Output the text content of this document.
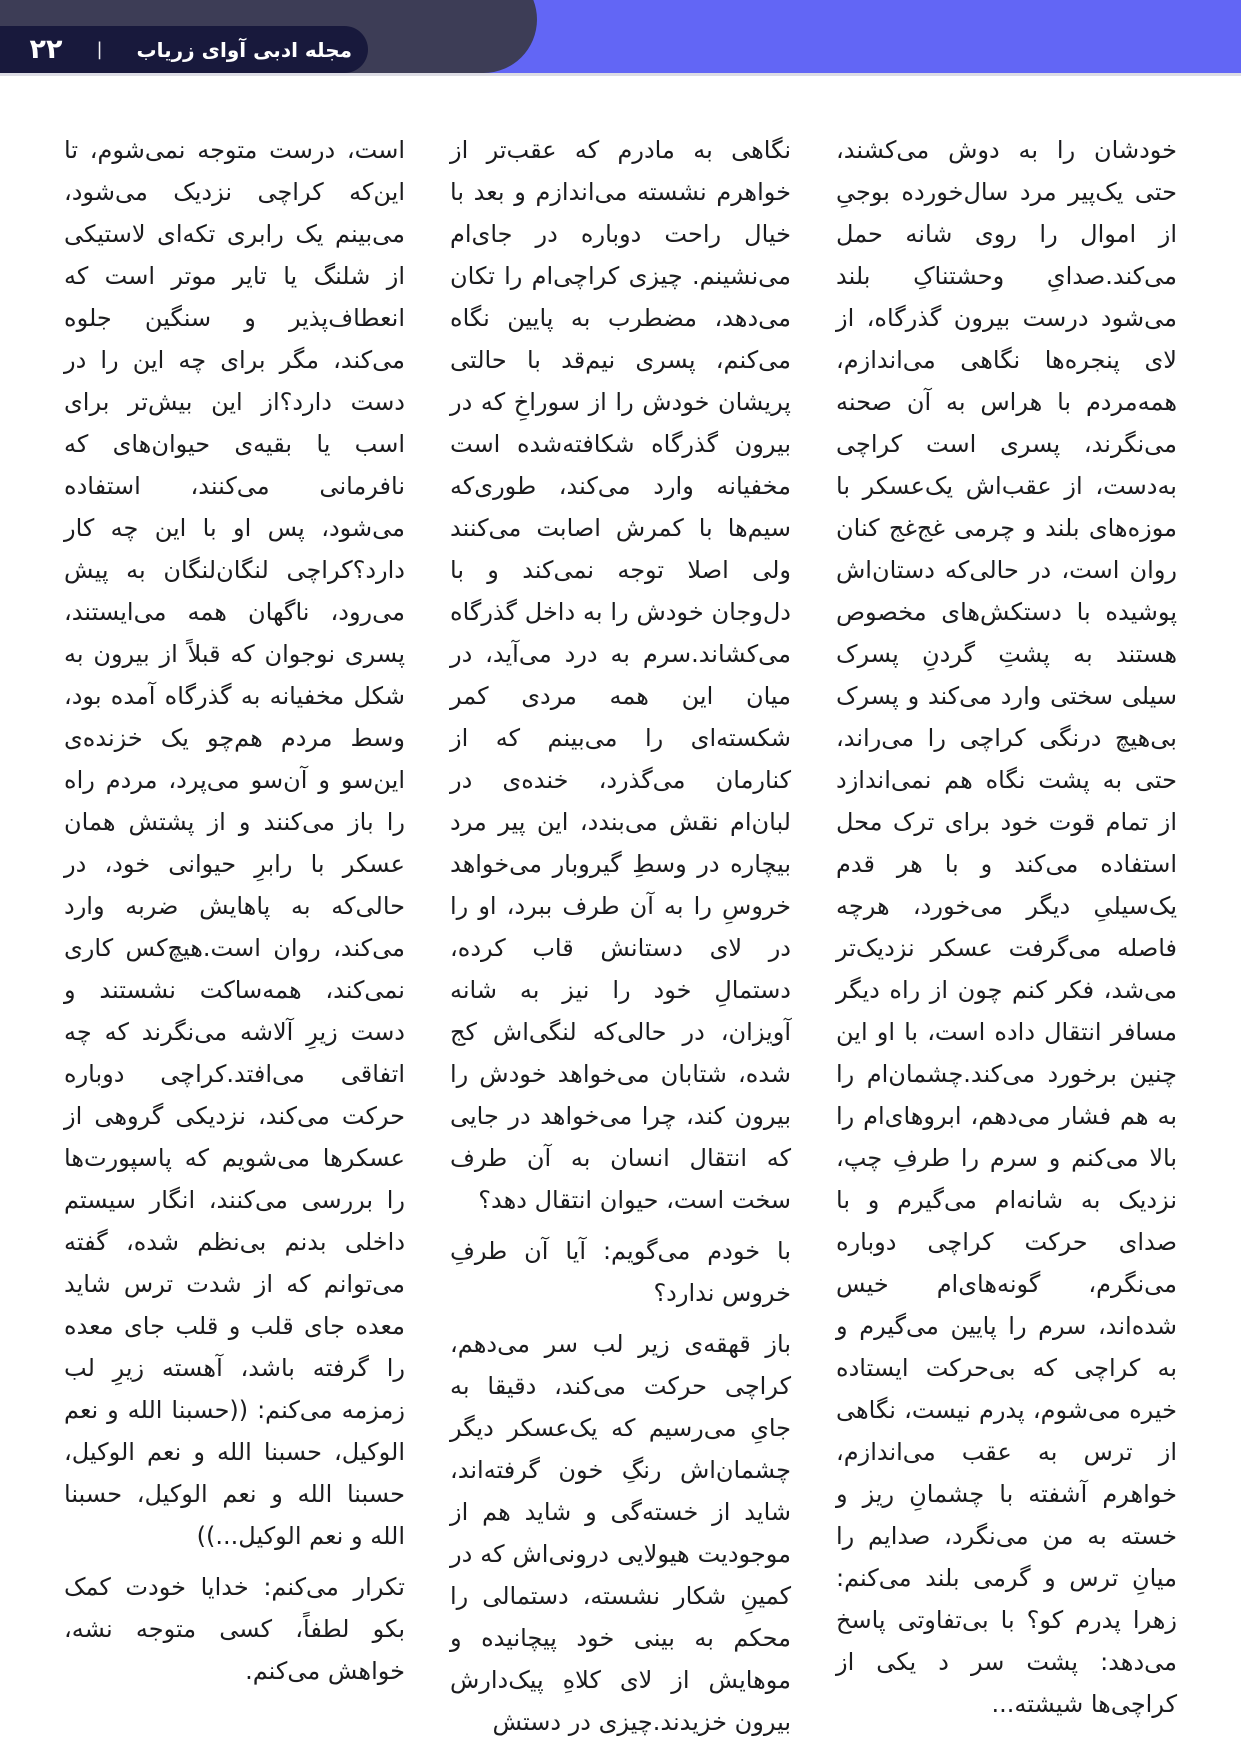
مجله ادبی آوای زریاب
|
۲۲

خودشان را به دوش می‌کشند، حتی یک‌پیر مرد سال‌خورده بوجیِ از اموال را روی شانه حمل می‌کند.صدایِ وحشتناکِ بلند می‌شود درست بیرون گذرگاه، از لای پنجره‌ها نگاهی می‌اندازم، همه‌مردم با هراس به آن صحنه می‌نگرند، پسری است کراچی به‌دست، از عقب‌اش یک‌عسکر با موزه‌های بلند و چرمی غج‌غج کنان روان است، در حالی‌که دستان‌اش پوشیده با دستکش‌های مخصوص هستند به پشتِ گردنِ پسرک سیلی سختی وارد می‌کند و پسرک بی‌هیچ درنگی کراچی را می‌راند، حتی به پشت نگاه هم نمی‌اندازد از تمام قوت خود برای ترک محل استفاده می‌کند و با هر قدم یک‌سیلیِ دیگر می‌خورد، هرچه فاصله می‌گرفت عسکر نزدیک‌تر می‌شد، فکر کنم چون از راه دیگر مسافر انتقال داده است، با او این چنین برخورد می‌کند.چشمان‌ام را به هم فشار می‌دهم، ابروهای‌ام را بالا می‌کنم و سرم را طرفِ چپ، نزدیک به شانه‌ام می‌گیرم و با صدای حرکت کراچی دوباره می‌نگرم، گونه‌های‌ام خیس شده‌اند، سرم را پایین می‌گیرم و به کراچی که بی‌حرکت ایستاده خیره می‌شوم، پدرم نیست، نگاهی از ترس به عقب می‌اندازم، خواهرم آشفته با چشمانِ ریز و خسته به من می‌نگرد، صدایم را میانِ ترس و گرمی بلند می‌کنم: زهرا پدرم کو؟ با بی‌تفاوتی پاسخ می‌دهد: پشت سر د یکی از کراچی‌ها شیشته...

نگاهی به مادرم که عقب‌تر از خواهرم نشسته می‌اندازم و بعد با خیال راحت دوباره در جای‌ام می‌نشینم. چیزی کراچی‌ام را تکان می‌دهد، مضطرب به پایین نگاه می‌کنم، پسری نیم‌قد با حالتی پریشان خودش را از سوراخِ که در بیرون گذرگاه شکافته‌شده است مخفیانه وارد می‌کند، طوری‌که سیم‌ها با کمرش اصابت می‌کنند ولی اصلا توجه نمی‌کند و با دل‌وجان خودش را به داخل گذرگاه می‌کشاند.سرم به درد می‌آید، در میان این همه مردی کمر شکسته‌ای را می‌بینم که از کنارمان می‌گذرد، خنده‌ی در لبان‌ام نقش می‌بندد، این پیر مرد بیچاره در وسطِ گیروبار می‌خواهد خروسِ را به آن طرف ببرد، او را در لای دستانش قاب کرده، دستمالِ خود را نیز به شانه آویزان، در حالی‌که لنگی‌اش کج شده، شتابان می‌خواهد خودش را بیرون کند، چرا می‌خواهد در جایی که انتقال انسان به آن طرف سخت است، حیوان انتقال دهد؟

با خودم می‌گویم: آیا آن طرفِ خروس ندارد؟

باز قهقه‌ی زیر لب سر می‌دهم، کراچی حرکت می‌کند، دقیقا به جایِ می‌رسیم که یک‌عسکر دیگر چشمان‌اش رنگِ خون گرفته‌اند، شاید از خسته‌گی و شاید هم از موجودیت هیولایی درونی‌اش که در کمینِ شکار نشسته، دستمالی را محکم به بینی خود پیچانیده و موهایش از لای کلاهِ پیک‌دارش بیرون خزیدند.چیزی در دستش

است، درست متوجه نمی‌شوم، تا این‌که کراچی نزدیک می‌شود، می‌بینم یک رابری تکه‌ای لاستیکی از شلنگ یا تایر موتر است که انعطاف‌پذیر و سنگین جلوه می‌کند، مگر برای چه این را در دست دارد؟از این بیش‌تر برای اسب یا بقیه‌ی حیوان‌های که نافرمانی می‌کنند، استفاده می‌شود، پس او با این چه کار دارد؟کراچی لنگان‌لنگان به پیش می‌رود، ناگهان همه می‌ایستند، پسری نوجوان که قبلاً از بیرون به شکل مخفیانه به گذرگاه آمده بود، وسط مردم هم‌چو یک خزنده‌ی این‌سو و آن‌سو می‌پرد، مردم راه را باز می‌کنند و از پشتش همان عسکر با رابرِ حیوانی خود، در حالی‌که به پاهایش ضربه وارد می‌کند، روان است.هیچ‌کس کاری نمی‌کند، همه‌ساکت نشستند و دست زیرِ آلاشه می‌نگرند که چه اتفاقی می‌افتد.کراچی دوباره حرکت می‌کند، نزدیکی گروهی از عسکرها می‌شویم که پاسپورت‌ها را بررسی می‌کنند، انگار سیستم داخلی بدنم بی‌نظم شده، گفته می‌توانم که از شدت ترس شاید معده جای قلب و قلب جای معده را گرفته باشد، آهسته زیرِ لب زمزمه می‌کنم: ((حسبنا الله و نعم الوکیل، حسبنا الله و نعم الوکیل، حسبنا الله و نعم الوکیل، حسبنا الله و نعم الوکیل...))

تکرار می‌کنم: خدایا خودت کمک بکو لطفاً، کسی متوجه نشه، خواهش می‌کنم.
